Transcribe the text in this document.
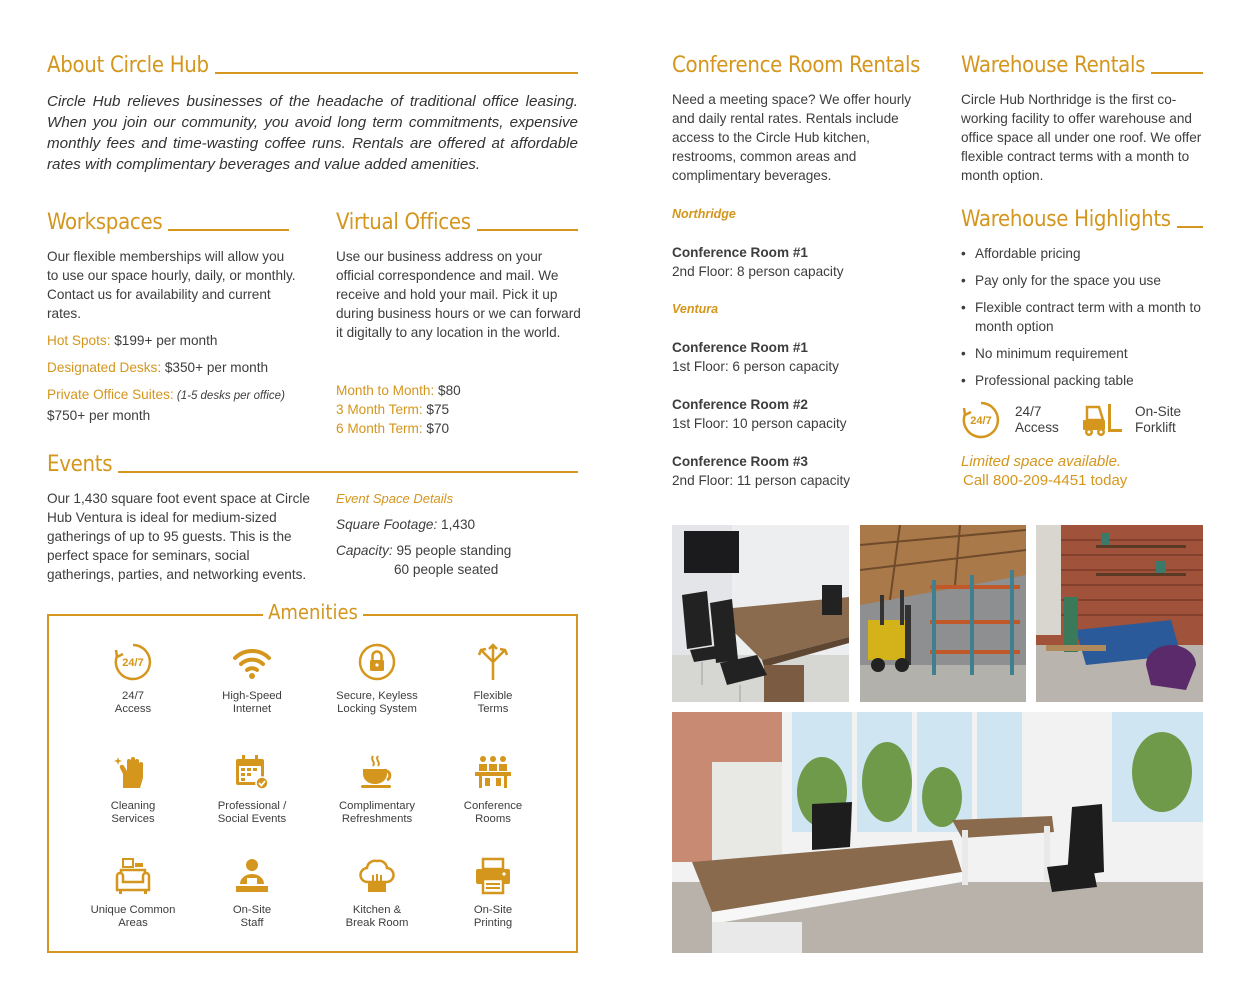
About Circle Hub

Circle Hub relieves businesses of the headache of traditional office leasing. When you join our community, you avoid long term commitments, expensive monthly fees and time-wasting coffee runs. Rentals are offered at affordable rates with complimentary beverages and value added amenities.

Workspaces

Our flexible memberships will allow you to use our space hourly, daily, or monthly. Contact us for availability and current rates.

Hot Spots: $199+ per month
Designated Desks: $350+ per month
Private Office Suites: (1-5 desks per office)
$750+ per month
Virtual Offices

Use our business address on your official correspondence and mail. We receive and hold your mail. Pick it up during business hours or we can forward it digitally to any location in the world.

Month to Month: $80
3 Month Term: $75
6 Month Term: $70
Events

Our 1,430 square foot event space at Circle Hub Ventura is ideal for medium-sized gatherings of up to 95 guests. This is the perfect space for seminars, social gatherings, parties, and networking events.

Event Space Details
Square Footage: 1,430
Capacity: 95 people standing
60 people seated
Amenities
24/7
24/7
Access
High-Speed
Internet
Secure, Keyless
Locking System
Flexible
Terms
Cleaning
Services
Professional /
Social Events
Complimentary
Refreshments
Conference
Rooms
Unique Common
Areas
On-Site
Staff
Kitchen &
Break Room
On-Site
Printing
Conference Room Rentals

Need a meeting space? We offer hourly and daily rental rates. Rentals include access to the Circle Hub kitchen, restrooms, common areas and complimentary beverages.

Northridge
Conference Room #1
2nd Floor: 8 person capacity
Ventura
Conference Room #1
1st Floor: 6 person capacity
Conference Room #2
1st Floor: 10 person capacity
Conference Room #3
2nd Floor: 11 person capacity
Warehouse Rentals

Circle Hub Northridge is the first co-working facility to offer warehouse and office space all under one roof. We offer flexible contract terms with a month to month option.

Warehouse Highlights
• Affordable pricing
• Pay only for the space you use
• Flexible contract term with a month to month option
• No minimum requirement
• Professional packing table
24/7
24/7
Access
On-Site
Forklift
Limited space available.
Call 800-209-4451 today
